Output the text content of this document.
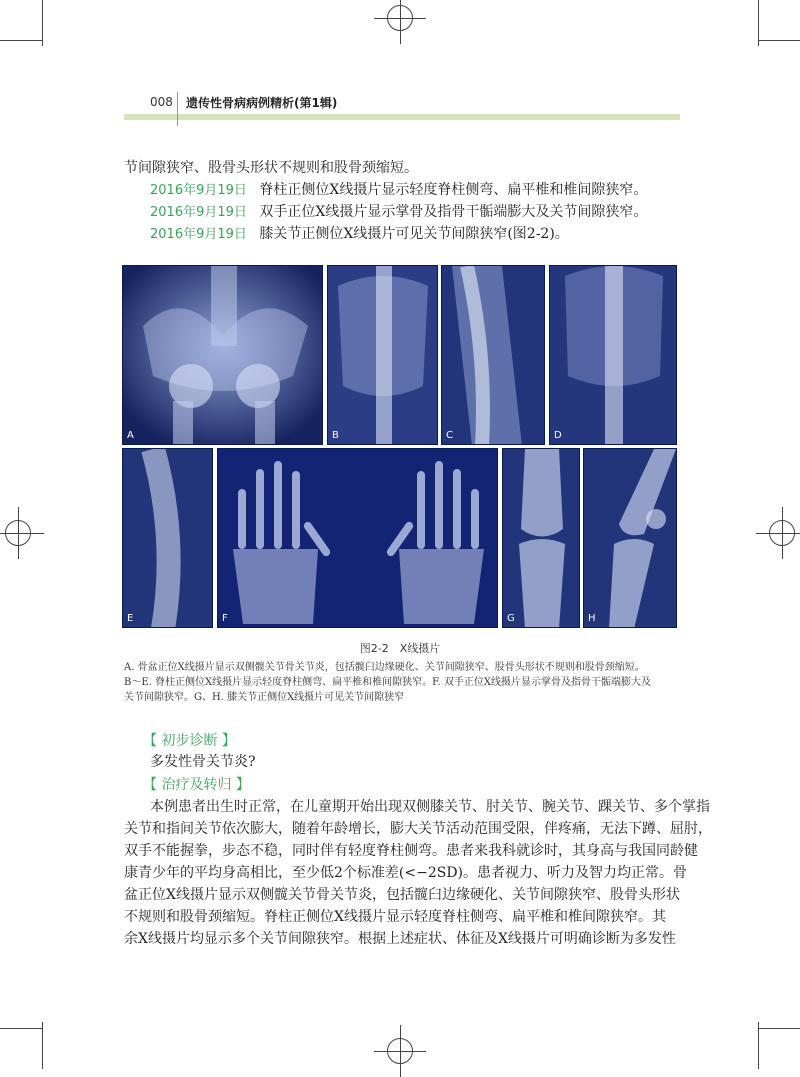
008 遗传性骨病病例精析(第1辑)
节间隙狭窄、股骨头形状不规则和股骨颈缩短。
2016年9月19日 脊柱正侧位X线摄片显示轻度脊柱侧弯、扁平椎和椎间隙狭窄。
2016年9月19日 双手正位X线摄片显示掌骨及指骨干骺端膨大及关节间隙狭窄。
2016年9月19日 膝关节正侧位X线摄片可见关节间隙狭窄(图2-2)。
A	B	C	D
E	F	G	H
图2-2　X线摄片
A. 骨盆正位X线摄片显示双侧髋关节骨关节炎，包括髋臼边缘硬化、关节间隙狭窄、股骨头形状不规则和股骨颈缩短。
B～E. 脊柱正侧位X线摄片显示轻度脊柱侧弯、扁平椎和椎间隙狭窄。F. 双手正位X线摄片显示掌骨及指骨干骺端膨大及
关节间隙狭窄。G、H. 膝关节正侧位X线摄片可见关节间隙狭窄
【 初步诊断 】
多发性骨关节炎?
【 治疗及转归 】
本例患者出生时正常，在儿童期开始出现双侧膝关节、肘关节、腕关节、踝关节、多个掌指
关节和指间关节依次膨大，随着年龄增长，膨大关节活动范围受限，伴疼痛，无法下蹲、屈肘，
双手不能握拳，步态不稳，同时伴有轻度脊柱侧弯。患者来我科就诊时，其身高与我国同龄健
康青少年的平均身高相比，至少低2个标准差(<−2SD)。患者视力、听力及智力均正常。骨
盆正位X线摄片显示双侧髋关节骨关节炎，包括髋臼边缘硬化、关节间隙狭窄、股骨头形状
不规则和股骨颈缩短。脊柱正侧位X线摄片显示轻度脊柱侧弯、扁平椎和椎间隙狭窄。其
余X线摄片均显示多个关节间隙狭窄。根据上述症状、体征及X线摄片可明确诊断为多发性
